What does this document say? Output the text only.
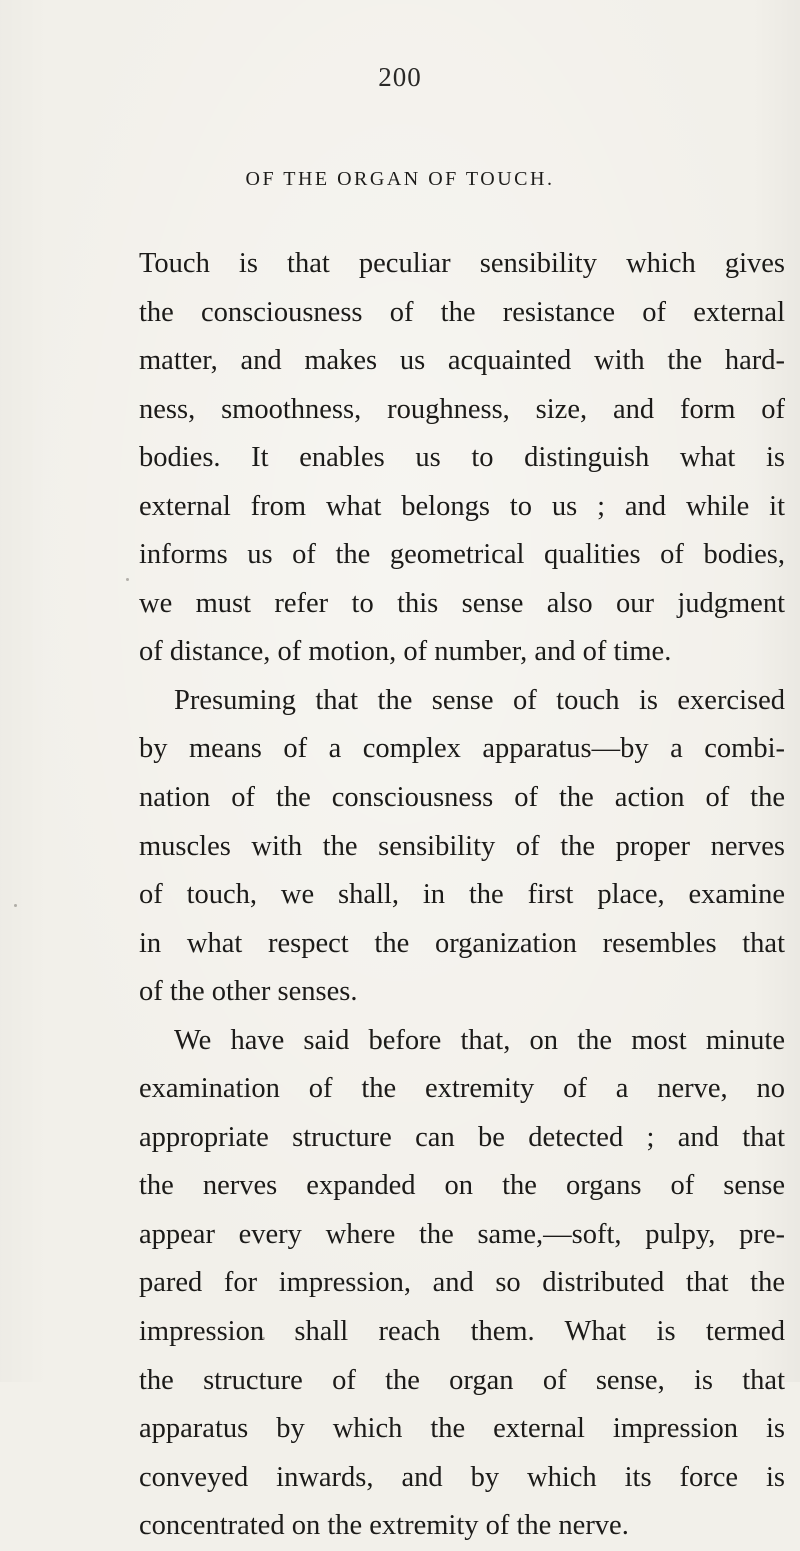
200
OF THE ORGAN OF TOUCH.
Touch is that peculiar sensibility which gives
the consciousness of the resistance of external
matter, and makes us acquainted with the hard-
ness, smoothness, roughness, size, and form of
bodies. It enables us to distinguish what is
external from what belongs to us ; and while it
informs us of the geometrical qualities of bodies,
we must refer to this sense also our judgment
of distance, of motion, of number, and of time.
Presuming that the sense of touch is exercised
by means of a complex apparatus—by a combi-
nation of the consciousness of the action of the
muscles with the sensibility of the proper nerves
of touch, we shall, in the first place, examine
in what respect the organization resembles that
of the other senses.
We have said before that, on the most minute
examination of the extremity of a nerve, no
appropriate structure can be detected ; and that
the nerves expanded on the organs of sense
appear every where the same,—soft, pulpy, pre-
pared for impression, and so distributed that the
impression shall reach them. What is termed
the structure of the organ of sense, is that
apparatus by which the external impression is
conveyed inwards, and by which its force is
concentrated on the extremity of the nerve.
